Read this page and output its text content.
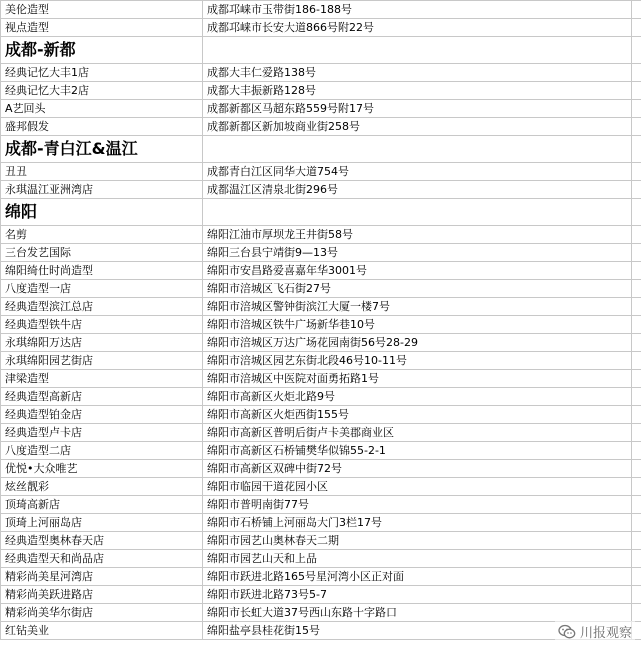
美伦造型	成都邛崃市玉带街186-188号	
视点造型	成都邛崃市长安大道866号附22号	
成都-新都		
经典记忆大丰1店	成都大丰仁爱路138号	
经典记忆大丰2店	成都大丰振新路128号	
A艺回头	成都新都区马超东路559号附17号	
盛邦假发	成都新都区新加坡商业街258号	
成都-青白江&温江		
丑丑	成都青白江区同华大道754号	
永琪温江亚洲湾店	成都温江区清泉北街296号	
绵阳		
名剪	绵阳江油市厚坝龙王井街58号	
三台发艺国际	绵阳三台县宁靖街9—13号	
绵阳绮仕时尚造型	绵阳市安昌路爱喜嘉年华3001号	
八度造型一店	绵阳市涪城区飞石街27号	
经典造型滨江总店	绵阳市涪城区警钟街滨江大厦一楼7号	
经典造型铁牛店	绵阳市涪城区铁牛广场新华巷10号	
永琪绵阳万达店	绵阳市涪城区万达广场花园南街56号28-29	
永琪绵阳园艺街店	绵阳市涪城区园艺东街北段46号10-11号	
津梁造型	绵阳市涪城区中医院对面勇拓路1号	
经典造型高新店	绵阳市高新区火炬北路9号	
经典造型铂金店	绵阳市高新区火炬西街155号	
经典造型卢卡店	绵阳市高新区普明后街卢卡美郡商业区	
八度造型二店	绵阳市高新区石桥铺樊华似锦55-2-1	
优悦•大众唯艺	绵阳市高新区双碑中街72号	
炫丝靓彩	绵阳市临园干道花园小区	
顶琦高新店	绵阳市普明南街77号	
顶琦上河丽岛店	绵阳市石桥铺上河丽岛大门3栏17号	
经典造型奥林春天店	绵阳市园艺山奥林春天二期	
经典造型天和尚品店	绵阳市园艺山天和上品	
精彩尚美星河湾店	绵阳市跃进北路165号星河湾小区正对面	
精彩尚美跃进路店	绵阳市跃进北路73号5-7	
精彩尚美华尔街店	绵阳市长虹大道37号西山东路十字路口	
红钻美业	绵阳盐亭县桂花街15号		川报观察
